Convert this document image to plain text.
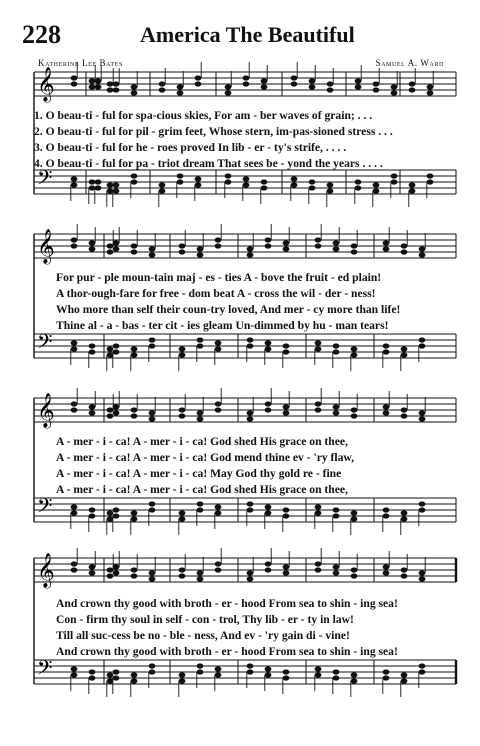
228	America The Beautiful
Katherine Lee Bates	Samuel A. Ward
𝄞
𝄢
1. O beau-ti - ful for spa-cious skies, For am - ber waves of grain; . . .
2. O beau-ti - ful for pil - grim feet, Whose stern, im-pas-sioned stress . . .
3. O beau-ti - ful for he - roes proved In lib - er - ty's strife, . . . .
4. O beau-ti - ful for pa - triot dream That sees be - yond the years . . . .
𝄞
𝄢
For pur - ple moun-tain maj - es - ties A - bove the fruit - ed plain!
A thor-ough-fare for free - dom beat A - cross the wil - der - ness!
Who more than self their coun-try loved, And mer - cy more than life!
Thine al - a - bas - ter cit - ies gleam Un-dimmed by hu - man tears!
𝄞
𝄢
A - mer - i - ca! A - mer - i - ca! God shed His grace on thee,
A - mer - i - ca! A - mer - i - ca! God mend thine ev - 'ry flaw,
A - mer - i - ca! A - mer - i - ca! May God thy gold re - fine
A - mer - i - ca! A - mer - i - ca! God shed His grace on thee,
𝄞
𝄢
And crown thy good with broth - er - hood From sea to shin - ing sea!
Con - firm thy soul in self - con - trol, Thy lib - er - ty in law!
Till all suc-cess be no - ble - ness, And ev - 'ry gain di - vine!
And crown thy good with broth - er - hood From sea to shin - ing sea!
